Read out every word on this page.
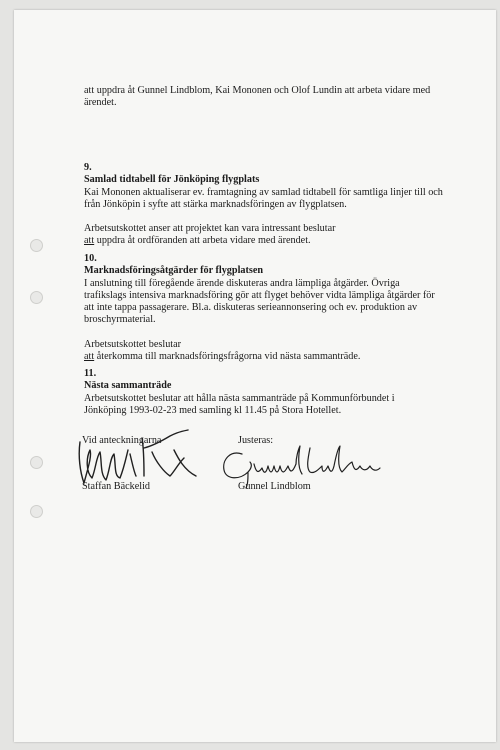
att uppdra åt Gunnel Lindblom, Kai Mononen och Olof Lundin att arbeta vidare med

ärendet.

9.

Samlad tidtabell för Jönköping flygplats

Kai Mononen aktualiserar ev. framtagning av samlad tidtabell för samtliga linjer till och

från Jönköpin i syfte att stärka marknadsföringen av flygplatsen.

Arbetsutskottet anser att projektet kan vara intressant beslutar

att uppdra åt ordföranden att arbeta vidare med ärendet.

10.

Marknadsföringsåtgärder för flygplatsen

I anslutning till föregående ärende diskuteras andra lämpliga åtgärder. Övriga

trafikslags intensiva marknadsföring gör att flyget behöver vidta lämpliga åtgärder för

att inte tappa passagerare. Bl.a. diskuteras serieannonsering och ev. produktion av

broschyrmaterial.

Arbetsutskottet beslutar

att återkomma till marknadsföringsfrågorna vid nästa sammanträde.

11.

Nästa sammanträde

Arbetsutskottet beslutar att hålla nästa sammanträde på Kommunförbundet i

Jönköping 1993-02-23 med samling kl 11.45 på Stora Hotellet.

Vid anteckningarna	Justeras:
Staffan Bäckelid	Gunnel Lindblom
